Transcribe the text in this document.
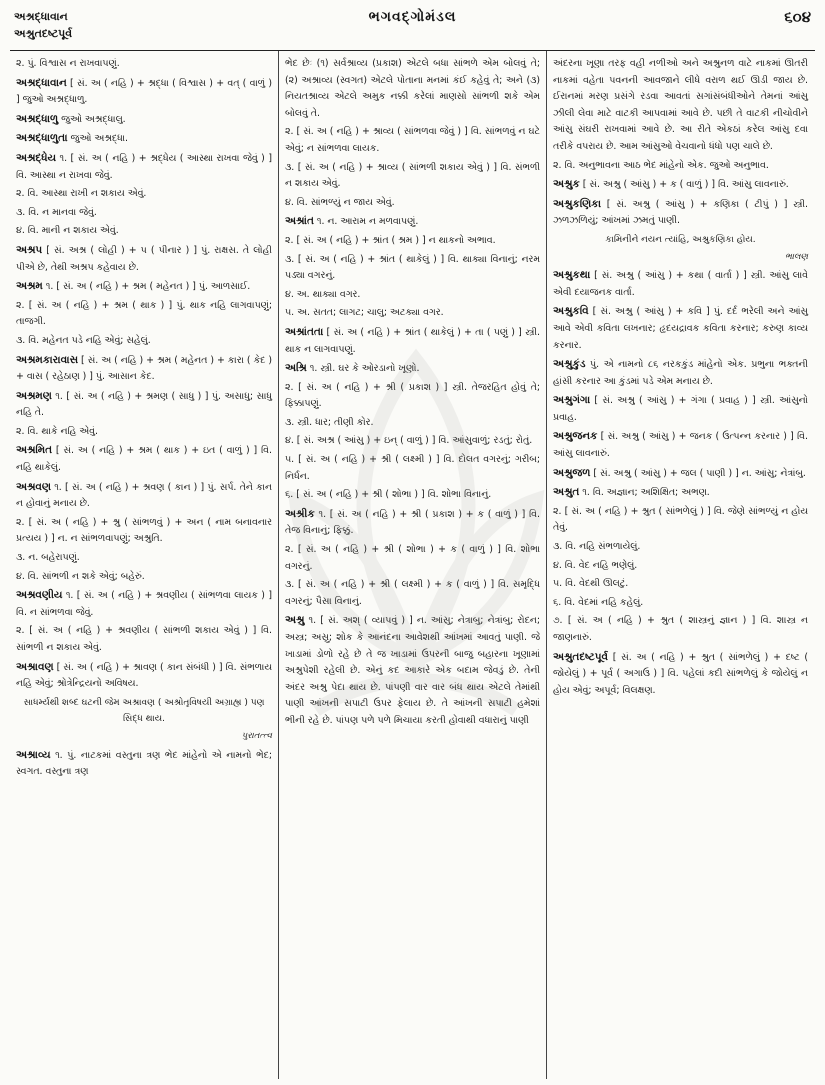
અશ્રદ્ધાવાન
અશ્રુતદષ્ટપૂર્વ
ભગવદ્ગોમંડલ	૬૦૪

૨. પું. વિશ્વાસ ન રાખવાપણું.

અશ્રદ્ધાવાન [ સં. અ ( નહિ ) + શ્રદ્ધા ( વિશ્વાસ ) + વત્ ( વાળું ) ] જુઓ અશ્રદ્ધાળુ.

અશ્રદ્ધાળુ જુઓ અશ્રદ્ધાલુ.

અશ્રદ્ધાળુતા જુઓ અશ્રદ્ધા.

અશ્રદ્ધેય ૧. [ સં. અ ( નહિ ) + શ્રદ્ધેય ( આસ્થા રાખવા જેવું ) ] વિ. આસ્થા ન રાખવા જેવું.

૨. વિ. આસ્થા રાખી ન શકાય એવું.

૩. વિ. ન માનવા જેવું.

૪. વિ. માની ન શકાય એવું.

અશ્રપ [ સં. અશ્ર ( લોહી ) + પ ( પીનાર ) ] પું. રાક્ષસ. તે લોહી પીએ છે, તેથી અશ્રપ કહેવાય છે.

અશ્રમ ૧. [ સં. અ ( નહિ ) + શ્રમ ( મહેનત ) ] પું. આળસાઈ.

૨. [ સં. અ ( નહિ ) + શ્રમ ( થાક ) ] પું. થાક નહિ લાગવાપણું; તાજગી.

૩. વિ. મહેનત પડે નહિ એવું; સહેલું.

અશ્રમકારાવાસ [ સં. અ ( નહિ ) + શ્રમ ( મહેનત ) + કારા ( કેદ ) + વાસ ( રહેઠાણ ) ] પું. આસાન કેદ.

અશ્રમણ ૧. [ સં. અ ( નહિ ) + શ્રમણ ( સાધુ ) ] પું. અસાધુ; સાધુ નહિ તે.

૨. વિ. થાકે નહિ એવું.

અશ્રમિત [ સં. અ ( નહિ ) + શ્રમ ( થાક ) + ઇત ( વાળું ) ] વિ. નહિ થાકેલું.

અશ્રવણ ૧. [ સં. અ ( નહિ ) + શ્રવણ ( કાન ) ] પું. સર્પ. તેને કાન ન હોવાનું મનાય છે.

૨. [ સં. અ ( નહિ ) + શ્રુ ( સાંભળવું ) + અન ( નામ બનાવનાર પ્રત્યય ) ] ન. ન સાંભળવાપણું; અશ્રુતિ.

૩. ન. બહેરાપણું.

૪. વિ. સાંભળી ન શકે એવું; બહેરું.

અશ્રવણીય ૧. [ સં. અ ( નહિ ) + શ્રવણીય ( સાંભળવા લાયક ) ] વિ. ન સાંભળવા જેવું.

૨. [ સં. અ ( નહિ ) + શ્રવણીય ( સાંભળી શકાય એવું ) ] વિ. સાંભળી ન શકાય એવું.

અશ્રાવણ [ સં. અ ( નહિ ) + શ્રાવણ ( કાન સંબંધી ) ] વિ. સંભળાય નહિ એવું; શ્રોત્રેન્દ્રિયનો અવિષય.

સાધર્મ્યથી શબ્દ ઘટની જેમ અશ્રાવણ ( અશ્રોતૃવિષયી અગ્રાહ્ય ) પણ સિદ્ધ થાય.

પુરાતત્ત્વ

અશ્રાવ્ય ૧. પું. નાટકમાં વસ્તુના ત્રણ ભેદ માંહેનો એ નામનો ભેદ; સ્વગત. વસ્તુના ત્રણ

ભેદ છેઃ (૧) સર્વશ્રાવ્ય (પ્રકાશ) એટલે બધા સાંભળે એમ બોલવું તે; (૨) અશ્રાવ્ય (સ્વગત) એટલે પોતાના મનમાં કંઈ કહેવું તે; અને (૩) નિયતશ્રાવ્ય એટલે અમુક નક્કી કરેલાં માણસો સાંભળી શકે એમ બોલવું તે.

૨. [ સં. અ ( નહિ ) + શ્રાવ્ય ( સાંભળવા જેવું ) ] વિ. સાંભળવું ન ઘટે એવું; ન સાંભળવા લાયક.

૩. [ સં. અ ( નહિ ) + શ્રાવ્ય ( સાંભળી શકાય એવું ) ] વિ. સંભળી ન શકાય એવું.

૪. વિ. સાંભળ્યું ન જાય એવું.

અશ્રાંત ૧. ન. આરામ ન મળવાપણું.

૨. [ સં. અ ( નહિ ) + શ્રાંત ( શ્રમ ) ] ન થાકનો અભાવ.

૩. [ સં. અ ( નહિ ) + શ્રાંત ( થાકેલું ) ] વિ. થાક્યા વિનાનું; નરમ પડ્યા વગરનું.

૪. અ. થાક્યા વગર.

૫. અ. સતત; લાગટ; ચાલુ; અટક્યા વગર.

અશ્રાંતતા [ સં. અ ( નહિ ) + શ્રાંત ( થાકેલું ) + તા ( પણું ) ] સ્ત્રી. થાક ન લાગવાપણું.

અશ્રિ ૧. સ્ત્રી. ઘર કે ઓરડાનો ખૂણો.

૨. [ સં. અ ( નહિ ) + શ્રી ( પ્રકાશ ) ] સ્ત્રી. તેજરહિત હોવું તે; ફિક્કાપણું.

૩. સ્ત્રી. ધાર; તીણી કોર.

૪. [ સં. અશ્ર ( આંસુ ) + ઇન્ ( વાળું ) ] વિ. આંસુવાળું; રડતું; રોતું.

૫. [ સં. અ ( નહિ ) + શ્રી ( લક્ષ્મી ) ] વિ. દોલત વગરનું; ગરીબ; નિર્ધન.

૬. [ સં. અ ( નહિ ) + શ્રી ( શોભા ) ] વિ. શોભા વિનાનું.

અશ્રીક ૧. [ સં. અ ( નહિ ) + શ્રી ( પ્રકાશ ) + ક ( વાળું ) ] વિ. તેજ વિનાનું; ફિક્કું.

૨. [ સં. અ ( નહિ ) + શ્રી ( શોભા ) + ક ( વાળું ) ] વિ. શોભા વગરનું.

૩. [ સં. અ ( નહિ ) + શ્રી ( લક્ષ્મી ) + ક ( વાળું ) ] વિ. સમૃદ્ધિ વગરનું; પૈસા વિનાનું.

અશ્રુ ૧. [ સં. અશ્ ( વ્યાપવું ) ] ન. આંસુ; નેત્રાબુ; નેત્રાંબુ; રોદન; અસ્ત્ર; અસ્રુ; શોક કે આનંદના આવેશથી આંખમાં આવતું પાણી. જે ખાડામાં ડોળો રહે છે તે જ ખાડામાં ઉપરની બાજુ બહારના ખૂણામાં અશ્રુપેશી રહેલી છે. એનું કદ આકારે એક બદામ જેવડું છે. તેની અંદર અશ્રુ પેદા થાય છે. પાંપણી વાર વાર બંધ થાય એટલે તેમાંથી પાણી આંખની સપાટી ઉપર ફેલાય છે. તે આંખની સપાટી હમેશાં ભીની રહે છે. પાંપણ પળે પળે મિચાયા કરતી હોવાથી વધારાનું પાણી

અંદરના ખૂણા તરફ વહી નળીઓ અને અશ્રુનળ વાટે નાકમાં ઊતરી નાકમાં વહેતા પવનની આવજાને લીધે વરાળ થઈ ઊડી જાય છે. ઈરાનમાં મરણ પ્રસંગે રડવા આવતાં સગાંસંબંધીઓને તેમનાં આંસુ ઝીલી લેવા માટે વાટકી આપવામાં આવે છે. પછી તે વાટકી નીચોવીને આંસુ સંઘરી રાખવામાં આવે છે. આ રીતે એકઠાં કરેલ આંસુ દવા તરીકે વપરાય છે. આમ આંસુઓ વેચવાનો ધંધો પણ ચાલે છે.

૨. વિ. અનુભાવના આઠ ભેદ માંહેનો એક. જુઓ અનુભાવ.

અશ્રુક [ સં. અશ્રુ ( આંસુ ) + ક ( વાળું ) ] વિ. આંસુ લાવનારું.

અશ્રુકણિકા [ સં. અશ્રુ ( આંસુ ) + કણિકા ( ટીપું ) ] સ્ત્રી. ઝળઝળિયું; આંખમાં ઝમતું પાણી.

કામિનીને નયન ત્યાંહિ, અશ્રુકણિકા હોય.

ભાલણ

અશ્રુકથા [ સં. અશ્રુ ( આંસુ ) + કથા ( વાર્તા ) ] સ્ત્રી. આંસુ લાવે એવી દયાજનક વાર્તા.

અશ્રુકવિ [ સં. અશ્રુ ( આંસુ ) + કવિ ] પું. દર્દ ભરેલી અને આંસુ આવે એવી કવિતા લખનાર; હૃદયદ્રાવક કવિતા કરનાર; કરુણ કાવ્ય કરનાર.

અશ્રુકુંડ પું. એ નામનો ૮૬ નરકકુંડ માંહેનો એક. પ્રભુના ભક્તની હાંસી કરનાર આ કુંડમાં પડે એમ મનાય છે.

અશ્રુગંગા [ સં. અશ્રુ ( આંસુ ) + ગંગા ( પ્રવાહ ) ] સ્ત્રી. આંસુનો પ્રવાહ.

અશ્રુજનક [ સં. અશ્રુ ( આંસુ ) + જનક ( ઉત્પન્ન કરનાર ) ] વિ. આંસુ લાવનારું.

અશ્રુજળ [ સં. અશ્રુ ( આંસુ ) + જલ ( પાણી ) ] ન. આંસુ; નેત્રાંબુ.

અશ્રુત ૧. વિ. અજ્ઞાન; અશિક્ષિત; અભણ.

૨. [ સં. અ ( નહિ ) + શ્રુત ( સાંભળેલું ) ] વિ. જેણે સાંભળ્યું ન હોય તેવું.

૩. વિ. નહિ સંભળાયેલું.

૪. વિ. વેદ નહિ ભણેલું.

૫. વિ. વેદથી ઊલટું.

૬. વિ. વેદમાં નહિ કહેલું.

૭. [ સં. અ ( નહિ ) + શ્રુત ( શાસ્ત્રનું જ્ઞાન ) ] વિ. શાસ્ત્ર ન જાણનારું.

અશ્રુતદષ્ટપૂર્વ [ સં. અ ( નહિ ) + શ્રુત ( સાંભળેલું ) + દષ્ટ ( જોયેલું ) + પૂર્વ ( અગાઉ ) ] વિ. પહેલાં કદી સાંભળેલું કે જોયેલું ન હોય એવું; અપૂર્વ; વિલક્ષણ.
